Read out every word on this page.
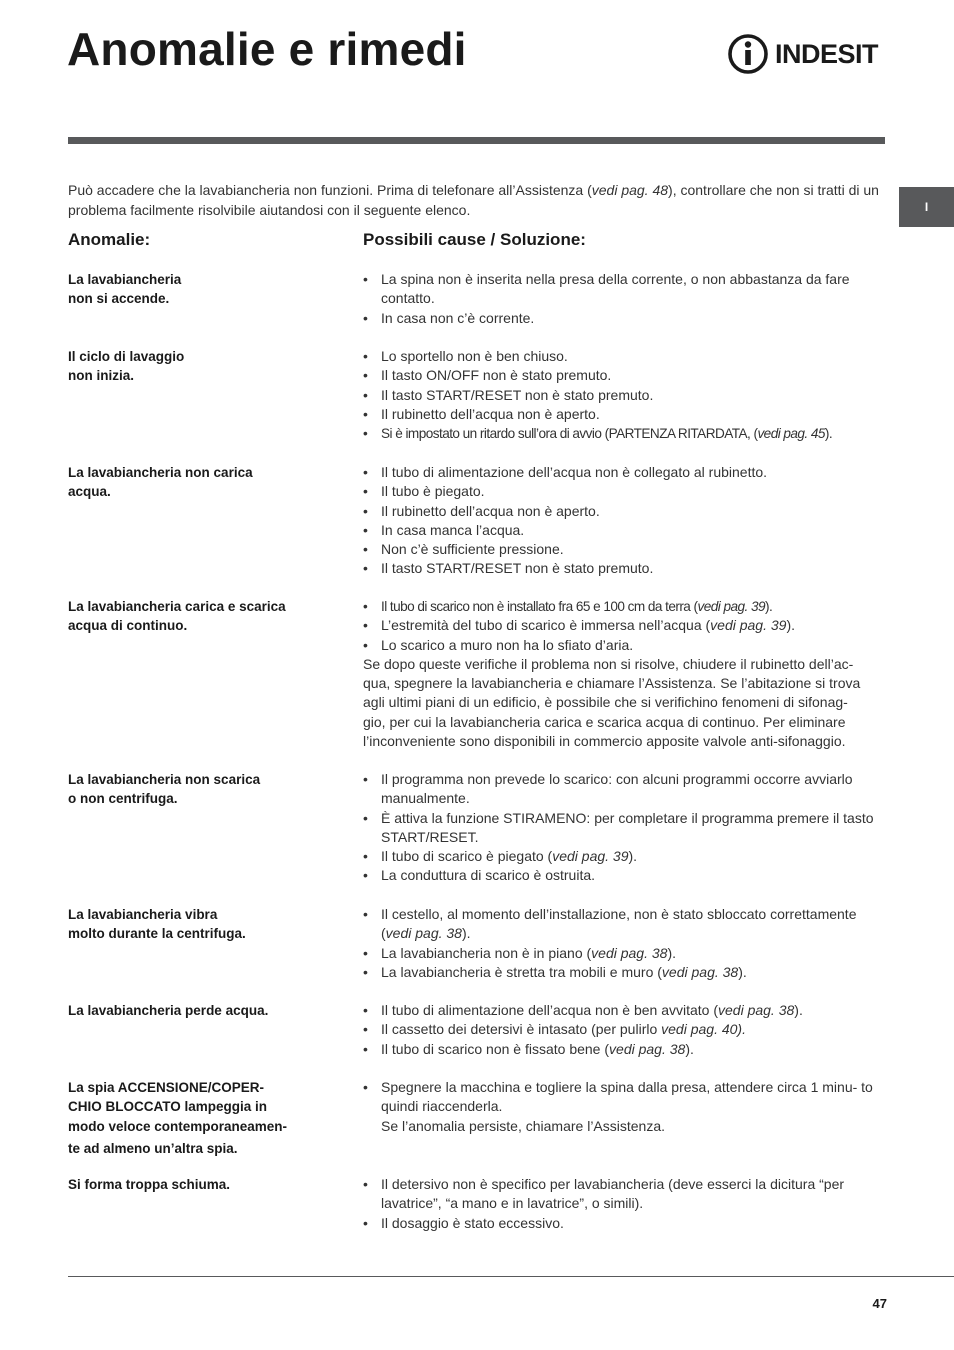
Anomalie e rimedi	INDESIT
I

Può accadere che la lavabiancheria non funzioni. Prima di telefonare all’Assistenza (vedi pag. 48), controllare che non si tratti di un problema facilmente risolvibile aiutandosi con il seguente elenco.

Anomalie:	Possibili cause / Soluzione:
La lavabiancheria
non si accende.
• La spina non è inserita nella presa della corrente, o non abbastanza da fare contatto.
• In casa non c’è corrente.
Il ciclo di lavaggio
non inizia.
• Lo sportello non è ben chiuso.
• Il tasto ON/OFF non è stato premuto.
• Il tasto START/RESET non è stato premuto.
• Il rubinetto dell’acqua non è aperto.
• Si è impostato un ritardo sull’ora di avvio (PARTENZA RITARDATA, (vedi pag. 45).
La lavabiancheria non carica
acqua.
• Il tubo di alimentazione dell’acqua non è collegato al rubinetto.
• Il tubo è piegato.
• Il rubinetto dell’acqua non è aperto.
• In casa manca l’acqua.
• Non c’è sufficiente pressione.
• Il tasto START/RESET non è stato premuto.
La lavabiancheria carica e scarica
acqua di continuo.
• Il tubo di scarico non è installato fra 65 e 100 cm da terra (vedi pag. 39).
• L’estremità del tubo di scarico è immersa nell’acqua (vedi pag. 39).
• Lo scarico a muro non ha lo sfiato d’aria.

Se dopo queste verifiche il problema non si risolve, chiudere il rubinetto dell’ac-
qua, spegnere la lavabiancheria e chiamare l’Assistenza. Se l’abitazione si trova
agli ultimi piani di un edificio, è possibile che si verifichino fenomeni di sifonag-
gio, per cui la lavabiancheria carica e scarica acqua di continuo. Per eliminare
l’inconveniente sono disponibili in commercio apposite valvole anti-sifonaggio.

La lavabiancheria non scarica
o non centrifuga.
• Il programma non prevede lo scarico: con alcuni programmi occorre avviarlo manualmente.
• È attiva la funzione STIRAMENO: per completare il programma premere il tasto START/RESET.
• Il tubo di scarico è piegato (vedi pag. 39).
• La conduttura di scarico è ostruita.
La lavabiancheria vibra
molto durante la centrifuga.
• Il cestello, al momento dell’installazione, non è stato sbloccato correttamente (vedi pag. 38).
• La lavabiancheria non è in piano (vedi pag. 38).
• La lavabiancheria è stretta tra mobili e muro (vedi pag. 38).
La lavabiancheria perde acqua.	• Il tubo di alimentazione dell’acqua non è ben avvitato (vedi pag. 38).
• Il cassetto dei detersivi è intasato (per pulirlo vedi pag. 40).
• Il tubo di scarico non è fissato bene (vedi pag. 38).
La spia ACCENSIONE/COPER-
CHIO BLOCCATO lampeggia in
modo veloce contemporaneamen-
te ad almeno un’altra spia.
• Spegnere la macchina e togliere la spina dalla presa, attendere circa 1 minu- to quindi riaccenderla.
Se l’anomalia persiste, chiamare l’Assistenza.
Si forma troppa schiuma.	• Il detersivo non è specifico per lavabiancheria (deve esserci la dicitura “per lavatrice”, “a mano e in lavatrice”, o simili).
• Il dosaggio è stato eccessivo.
47
